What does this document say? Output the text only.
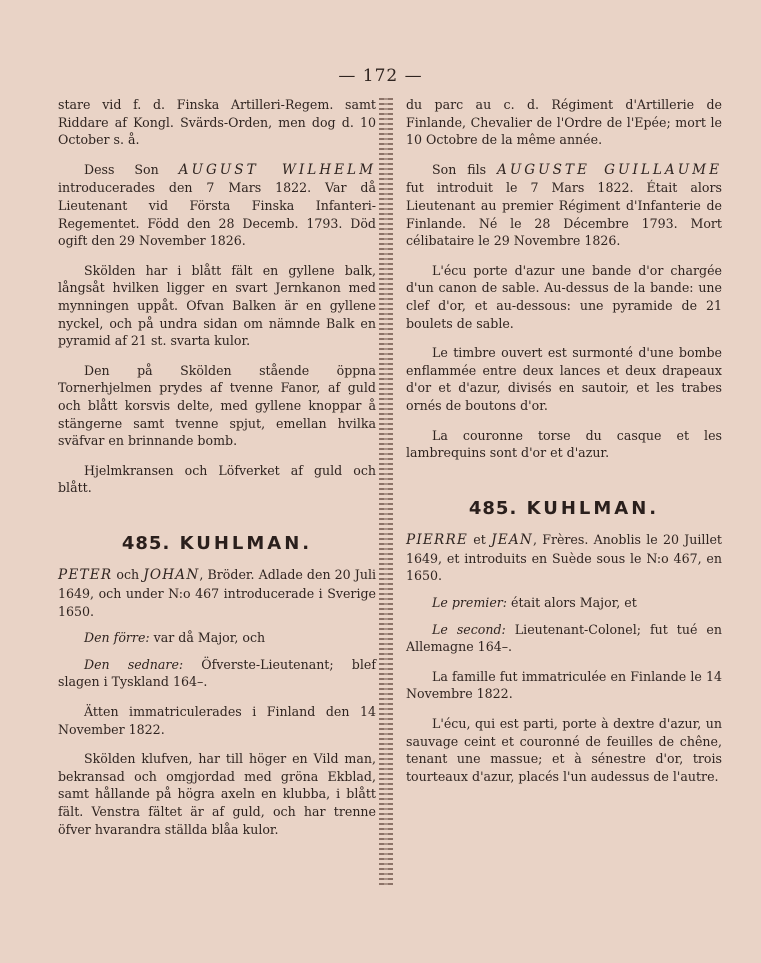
— 172 —

stare vid f. d. Finska Artilleri-Regem. samt Riddare af Kongl. Svärds-Orden, men dog d. 10 October s. å.

Dess Son AUGUST WILHELM introducerades den 7 Mars 1822. Var då Lieutenant vid Första Finska Infanteri-Regementet. Född den 28 Decemb. 1793. Död ogift den 29 November 1826.

Skölden har i blått fält en gyllene balk, långsåt hvilken ligger en svart Jernkanon med mynningen uppåt. Ofvan Balken är en gyllene nyckel, och på undra sidan om nämnde Balk en pyramid af 21 st. svarta kulor.

Den på Skölden stående öppna Tornerhjelmen prydes af tvenne Fanor, af guld och blått korsvis delte, med gyllene knoppar å stängerne samt tvenne spjut, emellan hvilka sväfvar en brinnande bomb.

Hjelmkransen och Löfverket af guld och blått.

485. KUHLMAN.

PETER och JOHAN, Bröder. Adlade den 20 Juli 1649, och under N:o 467 introducerade i Sverige 1650.

Den förre: var då Major, och

Den sednare: Öfverste-Lieutenant; blef slagen i Tyskland 164–.

Ätten immatriculerades i Finland den 14 November 1822.

Skölden klufven, har till höger en Vild man, bekransad och omgjordad med gröna Ekblad, samt hållande på högra axeln en klubba, i blått fält. Venstra fältet är af guld, och har trenne öfver hvarandra ställda blåa kulor.

du parc au c. d. Régiment d'Artillerie de Finlande, Chevalier de l'Ordre de l'Epée; mort le 10 Octobre de la même année.

Son fils AUGUSTE GUILLAUME fut introduit le 7 Mars 1822. Était alors Lieutenant au premier Régiment d'Infanterie de Finlande. Né le 28 Décembre 1793. Mort célibataire le 29 Novembre 1826.

L'écu porte d'azur une bande d'or chargée d'un canon de sable. Au-dessus de la bande: une clef d'or, et au-dessous: une pyramide de 21 boulets de sable.

Le timbre ouvert est surmonté d'une bombe enflammée entre deux lances et deux drapeaux d'or et d'azur, divisés en sautoir, et les trabes ornés de boutons d'or.

La couronne torse du casque et les lambrequins sont d'or et d'azur.

485. KUHLMAN.

PIERRE et JEAN, Frères. Anoblis le 20 Juillet 1649, et introduits en Suède sous le N:o 467, en 1650.

Le premier: était alors Major, et

Le second: Lieutenant-Colonel; fut tué en Allemagne 164–.

La famille fut immatriculée en Finlande le 14 Novembre 1822.

L'écu, qui est parti, porte à dextre d'azur, un sauvage ceint et couronné de feuilles de chêne, tenant une massue; et à sénestre d'or, trois tourteaux d'azur, placés l'un audessus de l'autre.
